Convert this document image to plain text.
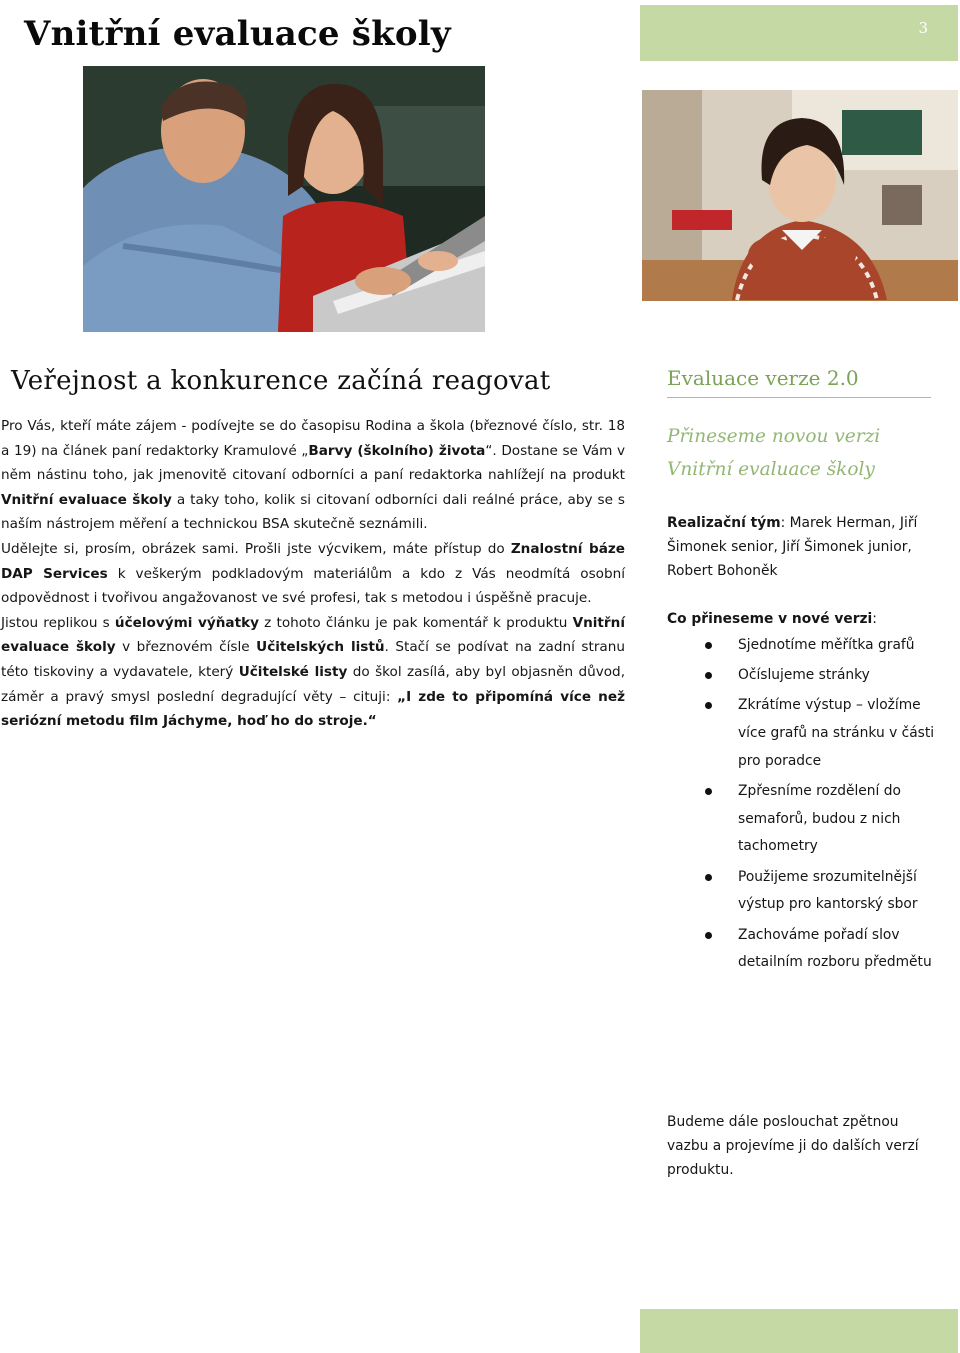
3
Vnitřní evaluace školy
Veřejnost a konkurence začíná reagovat

Pro Vás, kteří máte zájem - podívejte se do časopisu Rodina a škola (březnové číslo, str. 18 a 19) na článek paní redaktorky Kramulové „Barvy (školního) života“. Dostane se Vám v něm nástinu toho, jak jmenovitě citovaní odborníci a paní redaktorka nahlížejí na produkt Vnitřní evaluace školy a taky toho, kolik si citovaní odborníci dali reálné práce, aby se s naším nástrojem měření a technickou BSA skutečně seznámili.

Udělejte si, prosím, obrázek sami. Prošli jste výcvikem, máte přístup do Znalostní báze DAP Services k veškerým podkladovým materiálům a kdo z Vás neodmítá osobní odpovědnost i tvořivou angažovanost ve své profesi, tak s metodou i úspěšně pracuje.

Jistou replikou s účelovými výňatky z tohoto článku je pak komentář k produktu Vnitřní evaluace školy v březnovém čísle Učitelských listů. Stačí se podívat na zadní stranu této tiskoviny a vydavatele, který Učitelské listy do škol zasílá, aby byl objasněn důvod, záměr a pravý smysl poslední degradující věty – cituji: „I zde to připomíná více než seriózní metodu film Jáchyme, hoď ho do stroje.“

Evaluace verze 2.0
Přineseme novou verzi
Vnitřní evaluace školy
Realizační tým: Marek Herman, Jiří Šimonek senior, Jiří Šimonek junior, Robert Bohoněk
Co přineseme v nové verzi:
Sjednotíme měřítka grafů
Očíslujeme stránky
Zkrátíme výstup – vložíme více grafů na stránku v části pro poradce
Zpřesníme rozdělení do semaforů, budou z nich tachometry
Použijeme srozumitelnější výstup pro kantorský sbor
Zachováme pořadí slov detailním rozboru předmětu
Budeme dále poslouchat zpětnou vazbu a projevíme ji do dalších verzí produktu.
